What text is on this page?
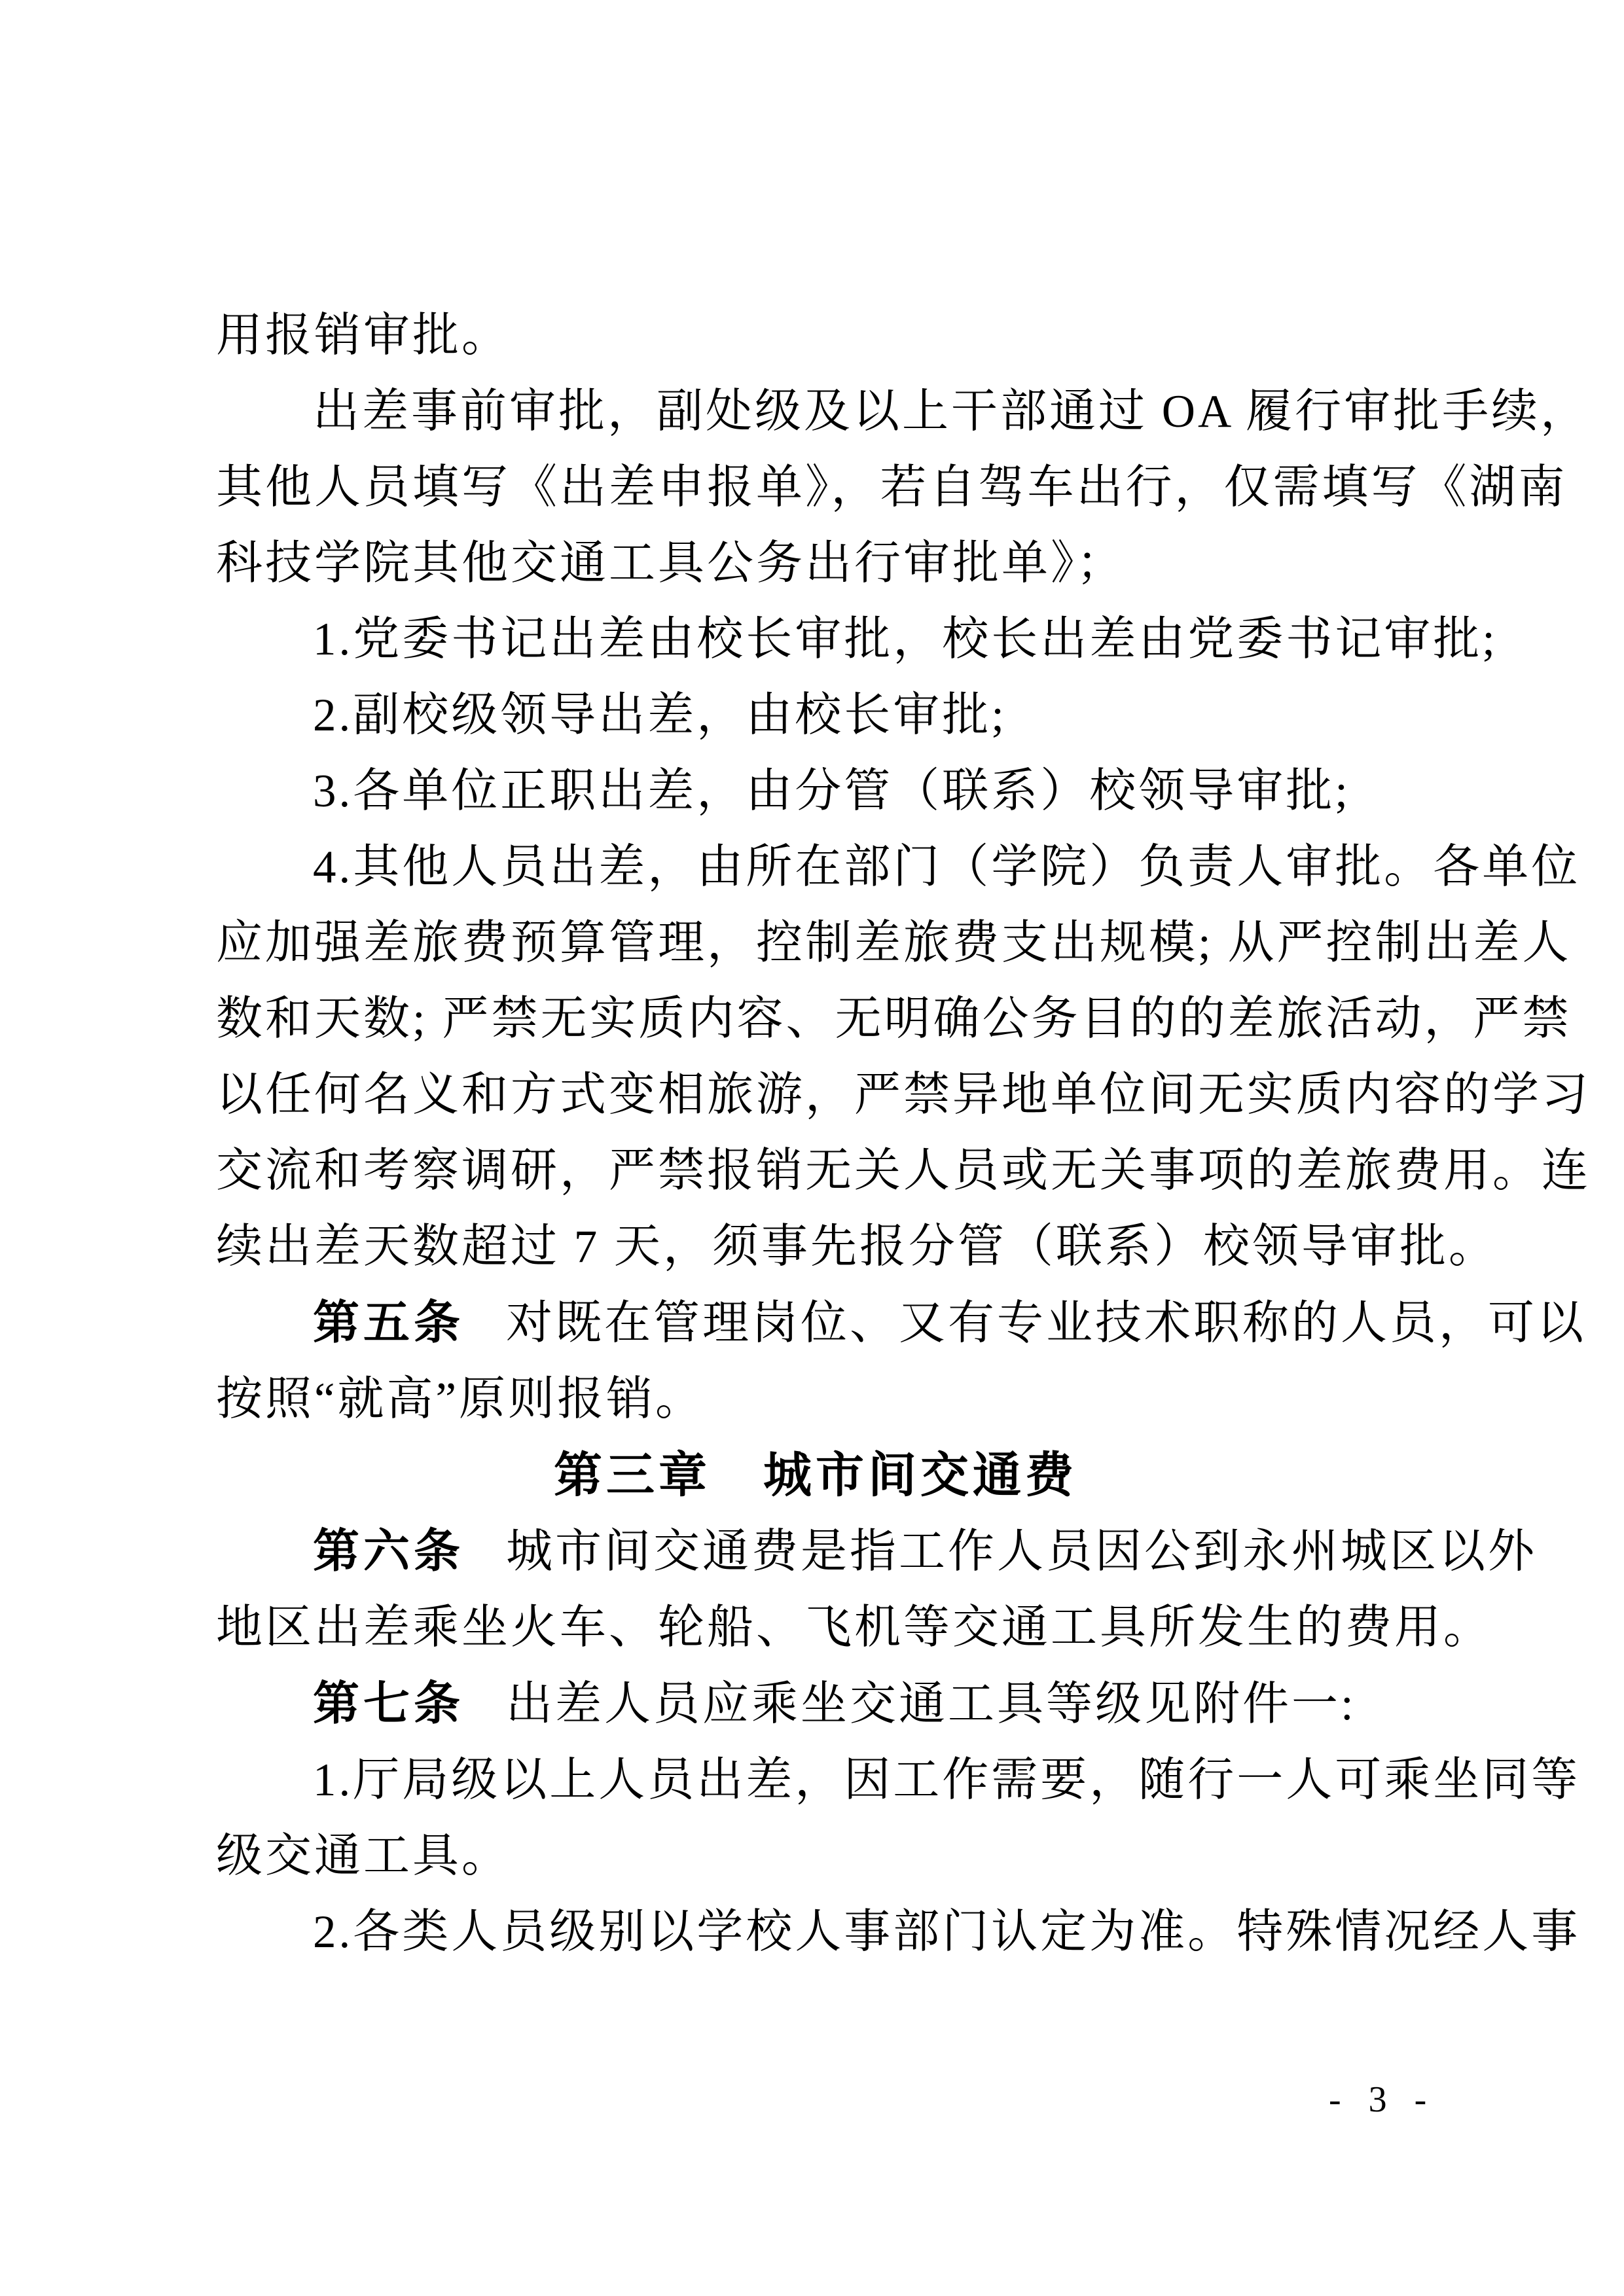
用报销审批。
出差事前审批，副处级及以上干部通过 OA 履行审批手续，
其他人员填写《出差申报单》，若自驾车出行，仅需填写《湖南
科技学院其他交通工具公务出行审批单》；
1.党委书记出差由校长审批，校长出差由党委书记审批;
2.副校级领导出差，由校长审批;
3.各单位正职出差，由分管（联系）校领导审批;
4.其他人员出差，由所在部门（学院）负责人审批。各单位
应加强差旅费预算管理，控制差旅费支出规模; 从严控制出差人
数和天数; 严禁无实质内容、无明确公务目的的差旅活动，严禁
以任何名义和方式变相旅游，严禁异地单位间无实质内容的学习
交流和考察调研，严禁报销无关人员或无关事项的差旅费用。连
续出差天数超过 7 天，须事先报分管（联系）校领导审批。
第五条 对既在管理岗位、又有专业技术职称的人员，可以
按照“就高”原则报销。
第三章　城市间交通费
第六条 城市间交通费是指工作人员因公到永州城区以外
地区出差乘坐火车、轮船、飞机等交通工具所发生的费用。
第七条 出差人员应乘坐交通工具等级见附件一:
1.厅局级以上人员出差，因工作需要，随行一人可乘坐同等
级交通工具。
2.各类人员级别以学校人事部门认定为准。特殊情况经人事
- 3 -
